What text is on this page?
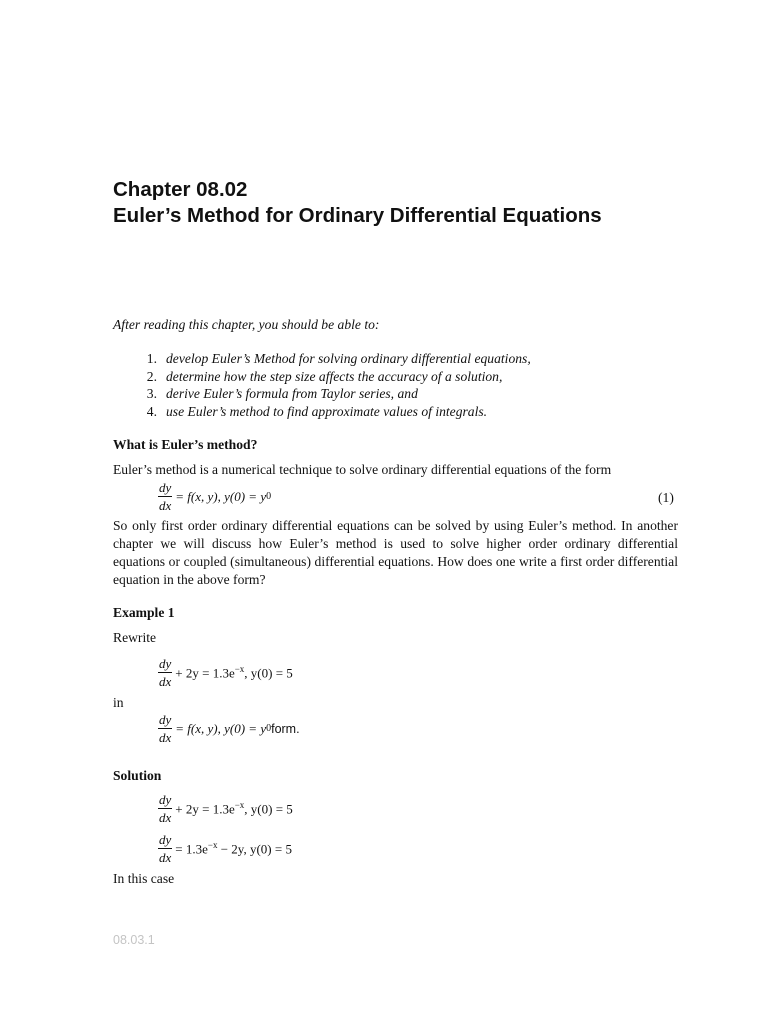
Chapter 08.02
Euler’s Method for Ordinary Differential Equations
After reading this chapter, you should be able to:
1. develop Euler’s Method for solving ordinary differential equations,
2. determine how the step size affects the accuracy of a solution,
3. derive Euler’s formula from Taylor series, and
4. use Euler’s method to find approximate values of integrals.
What is Euler’s method?
Euler’s method is a numerical technique to solve ordinary differential equations of the form
$\frac{dy}{dx} = f(x$, y), y(0) = y 0	(1)
So only first order ordinary differential equations can be solved by using Euler’s method. In another chapter we will discuss how Euler’s method is used to solve higher order ordinary differential equations or coupled (simultaneous) differential equations. How does one write a first order differential equation in the above form?
Example 1
Rewrite
$\frac{dy}{dx} + 2y = 1.3e^{-x}$, y(0) = 5
in
$\frac{dy}{dx} = f(x$, y), y(0) = y 0 form.
Solution
$\frac{dy}{dx} + 2y = 1.3e^{-x}$, y(0) = 5
$\frac{dy}{dx} = 1.3e^{-x} - 2y$, y(0) = 5
In this case
08.03.1
